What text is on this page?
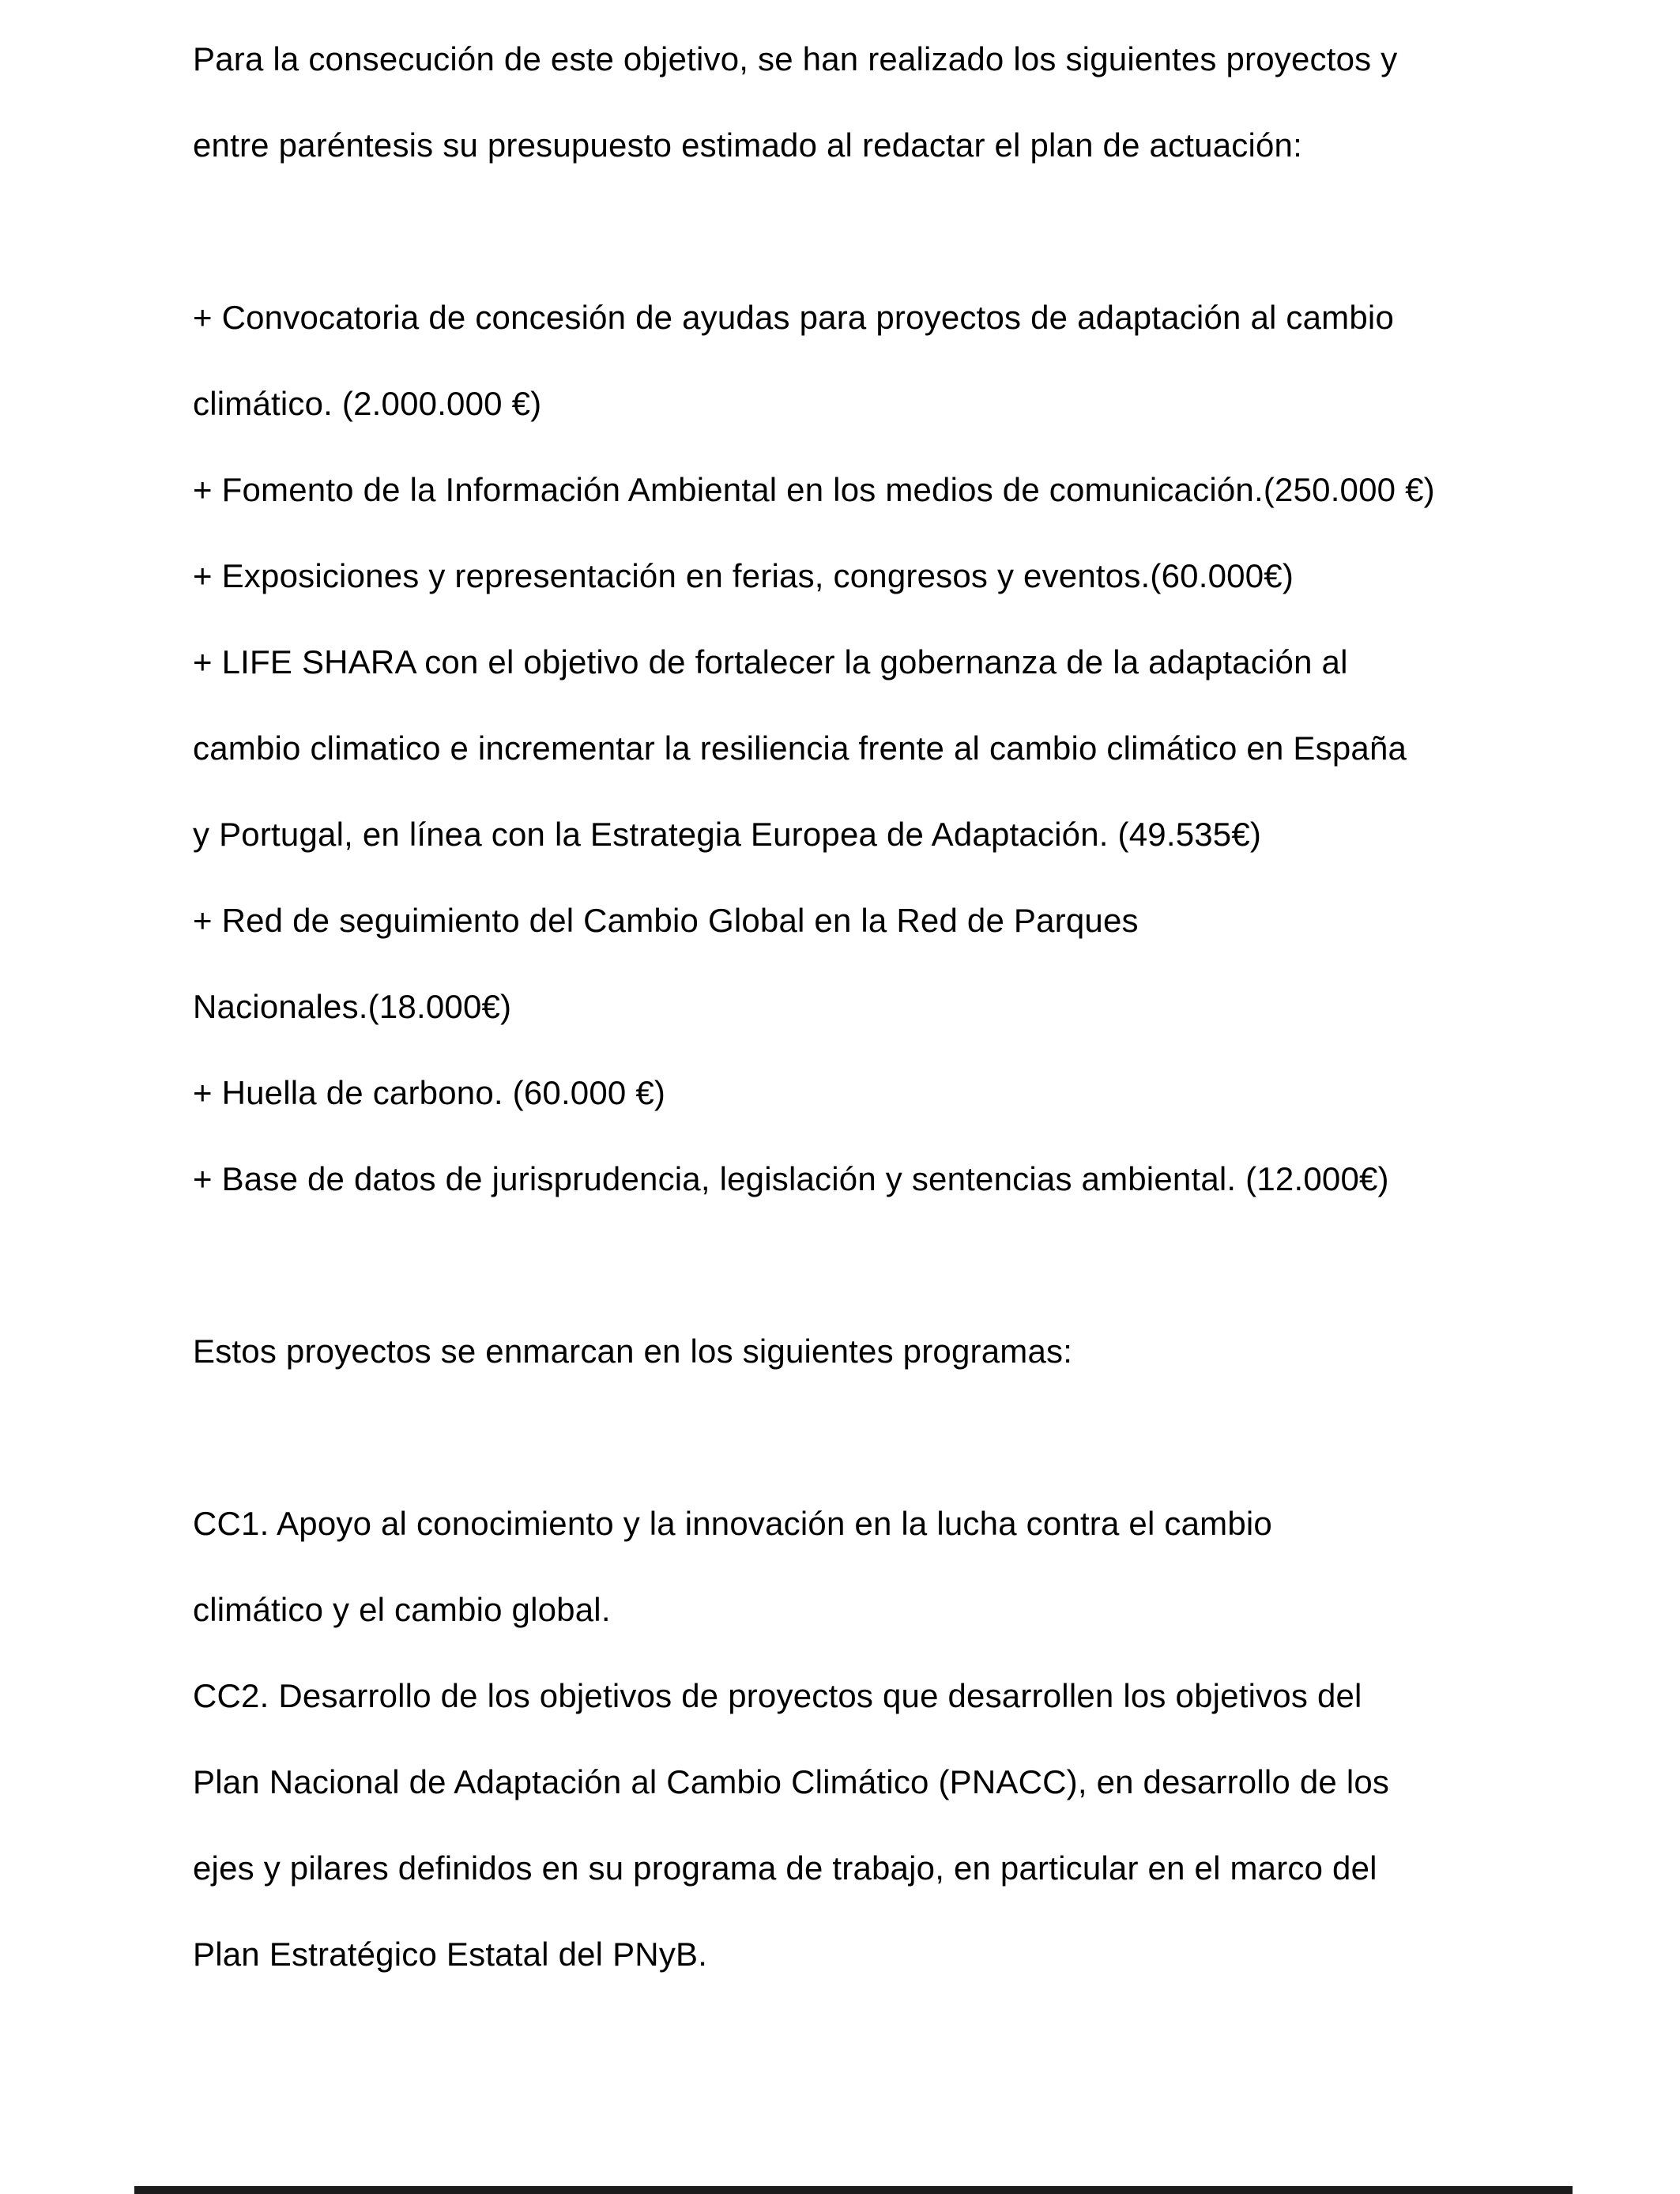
Para la consecución de este objetivo, se han realizado los siguientes proyectos y
entre paréntesis su presupuesto estimado al redactar el plan de actuación:
+ Convocatoria de concesión de ayudas para proyectos de adaptación al cambio
climático. (2.000.000 €)
+ Fomento de la Información Ambiental en los medios de comunicación.(250.000 €)
+ Exposiciones y representación en ferias, congresos y eventos.(60.000€)
+ LIFE SHARA con el objetivo de fortalecer la gobernanza de la adaptación al
cambio climatico e incrementar la resiliencia frente al cambio climático en España
y Portugal, en línea con la Estrategia Europea de Adaptación. (49.535€)
+ Red de seguimiento del Cambio Global en la Red de Parques
Nacionales.(18.000€)
+ Huella de carbono. (60.000 €)
+ Base de datos de jurisprudencia, legislación y sentencias ambiental. (12.000€)
Estos proyectos se enmarcan en los siguientes programas:
CC1. Apoyo al conocimiento y la innovación en la lucha contra el cambio
climático y el cambio global.
CC2. Desarrollo de los objetivos de proyectos que desarrollen los objetivos del
Plan Nacional de Adaptación al Cambio Climático (PNACC), en desarrollo de los
ejes y pilares definidos en su programa de trabajo, en particular en el marco del
Plan Estratégico Estatal del PNyB.
